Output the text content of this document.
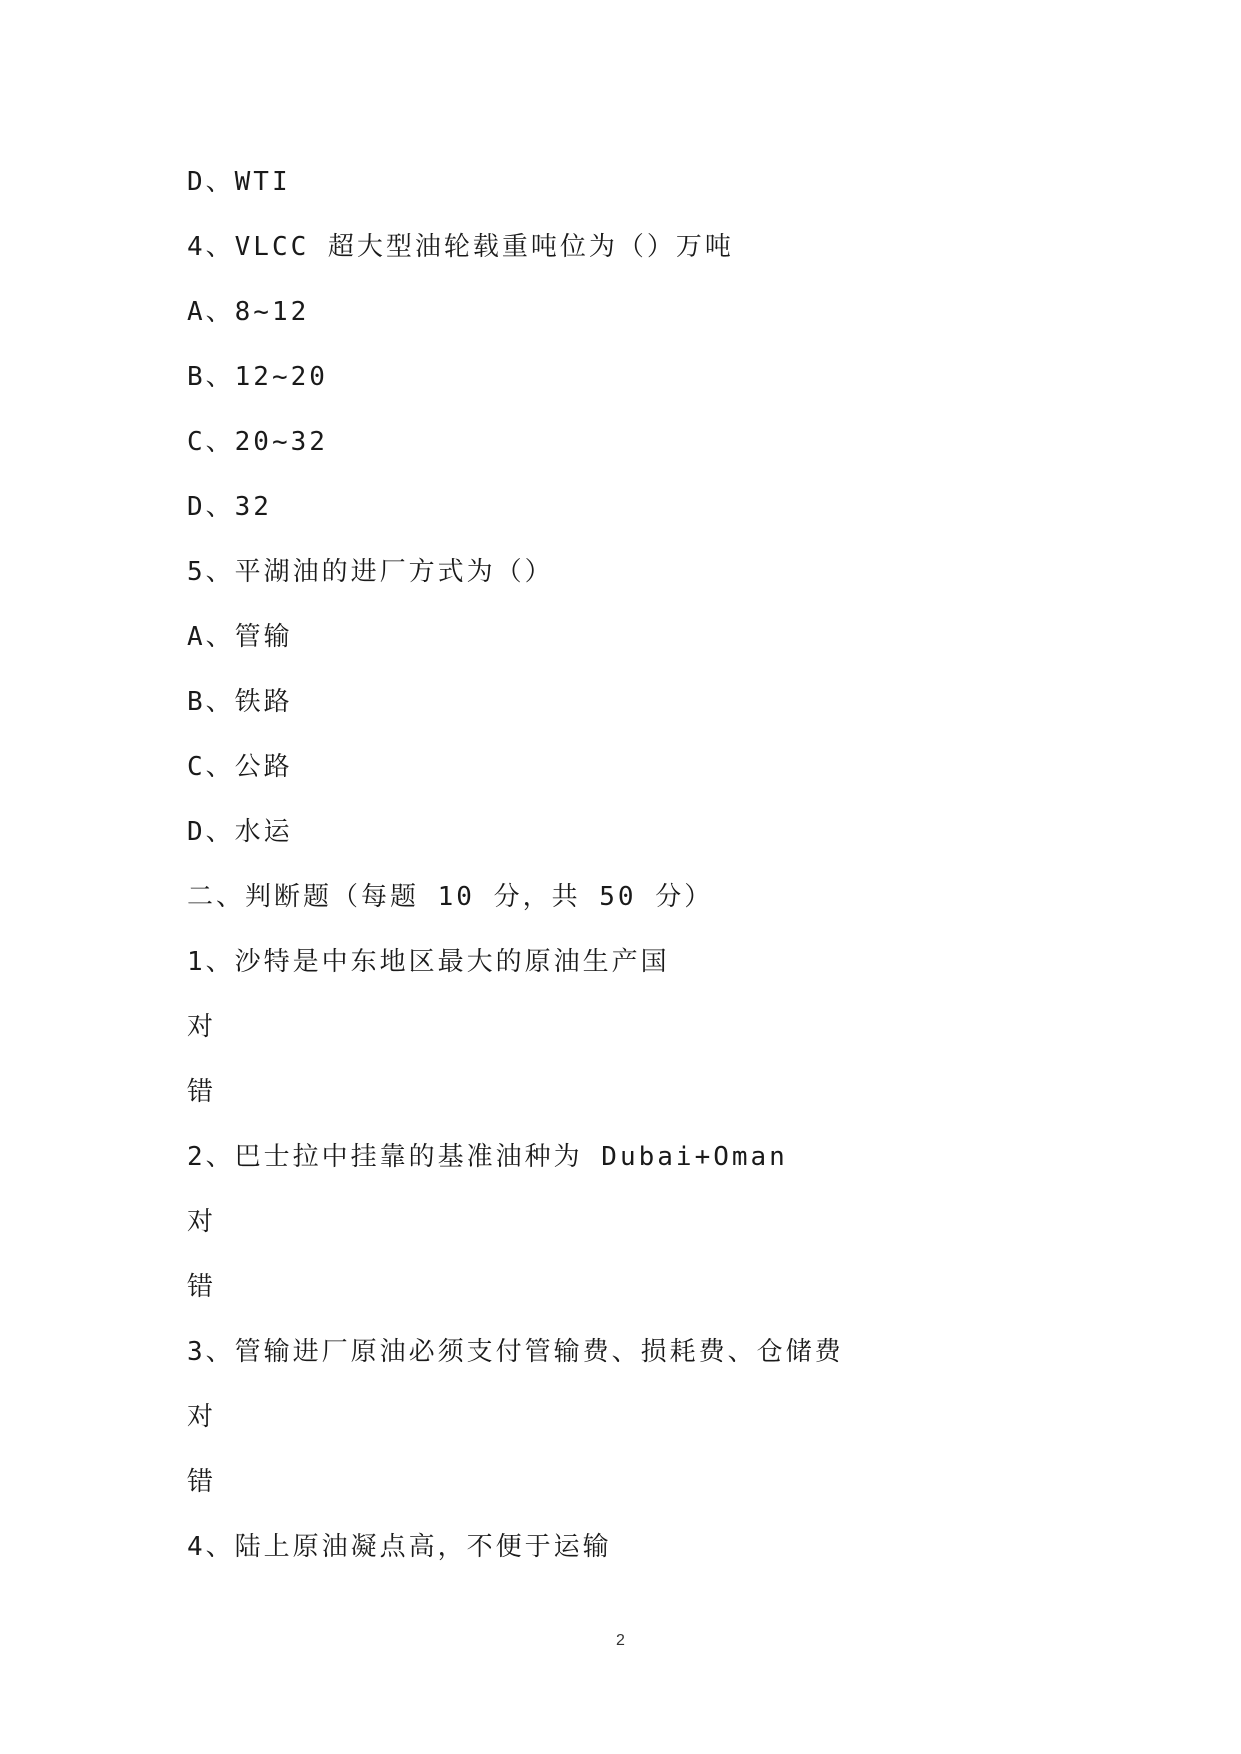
D、WTI
4、VLCC 超大型油轮载重吨位为（）万吨
A、8~12
B、12~20
C、20~32
D、32
5、平湖油的进厂方式为（）
A、管输
B、铁路
C、公路
D、水运
二、判断题（每题 10 分，共 50 分）
1、沙特是中东地区最大的原油生产国
对
错
2、巴士拉中挂靠的基准油种为 Dubai+Oman
对
错
3、管输进厂原油必须支付管输费、损耗费、仓储费
对
错
4、陆上原油凝点高，不便于运输
2
